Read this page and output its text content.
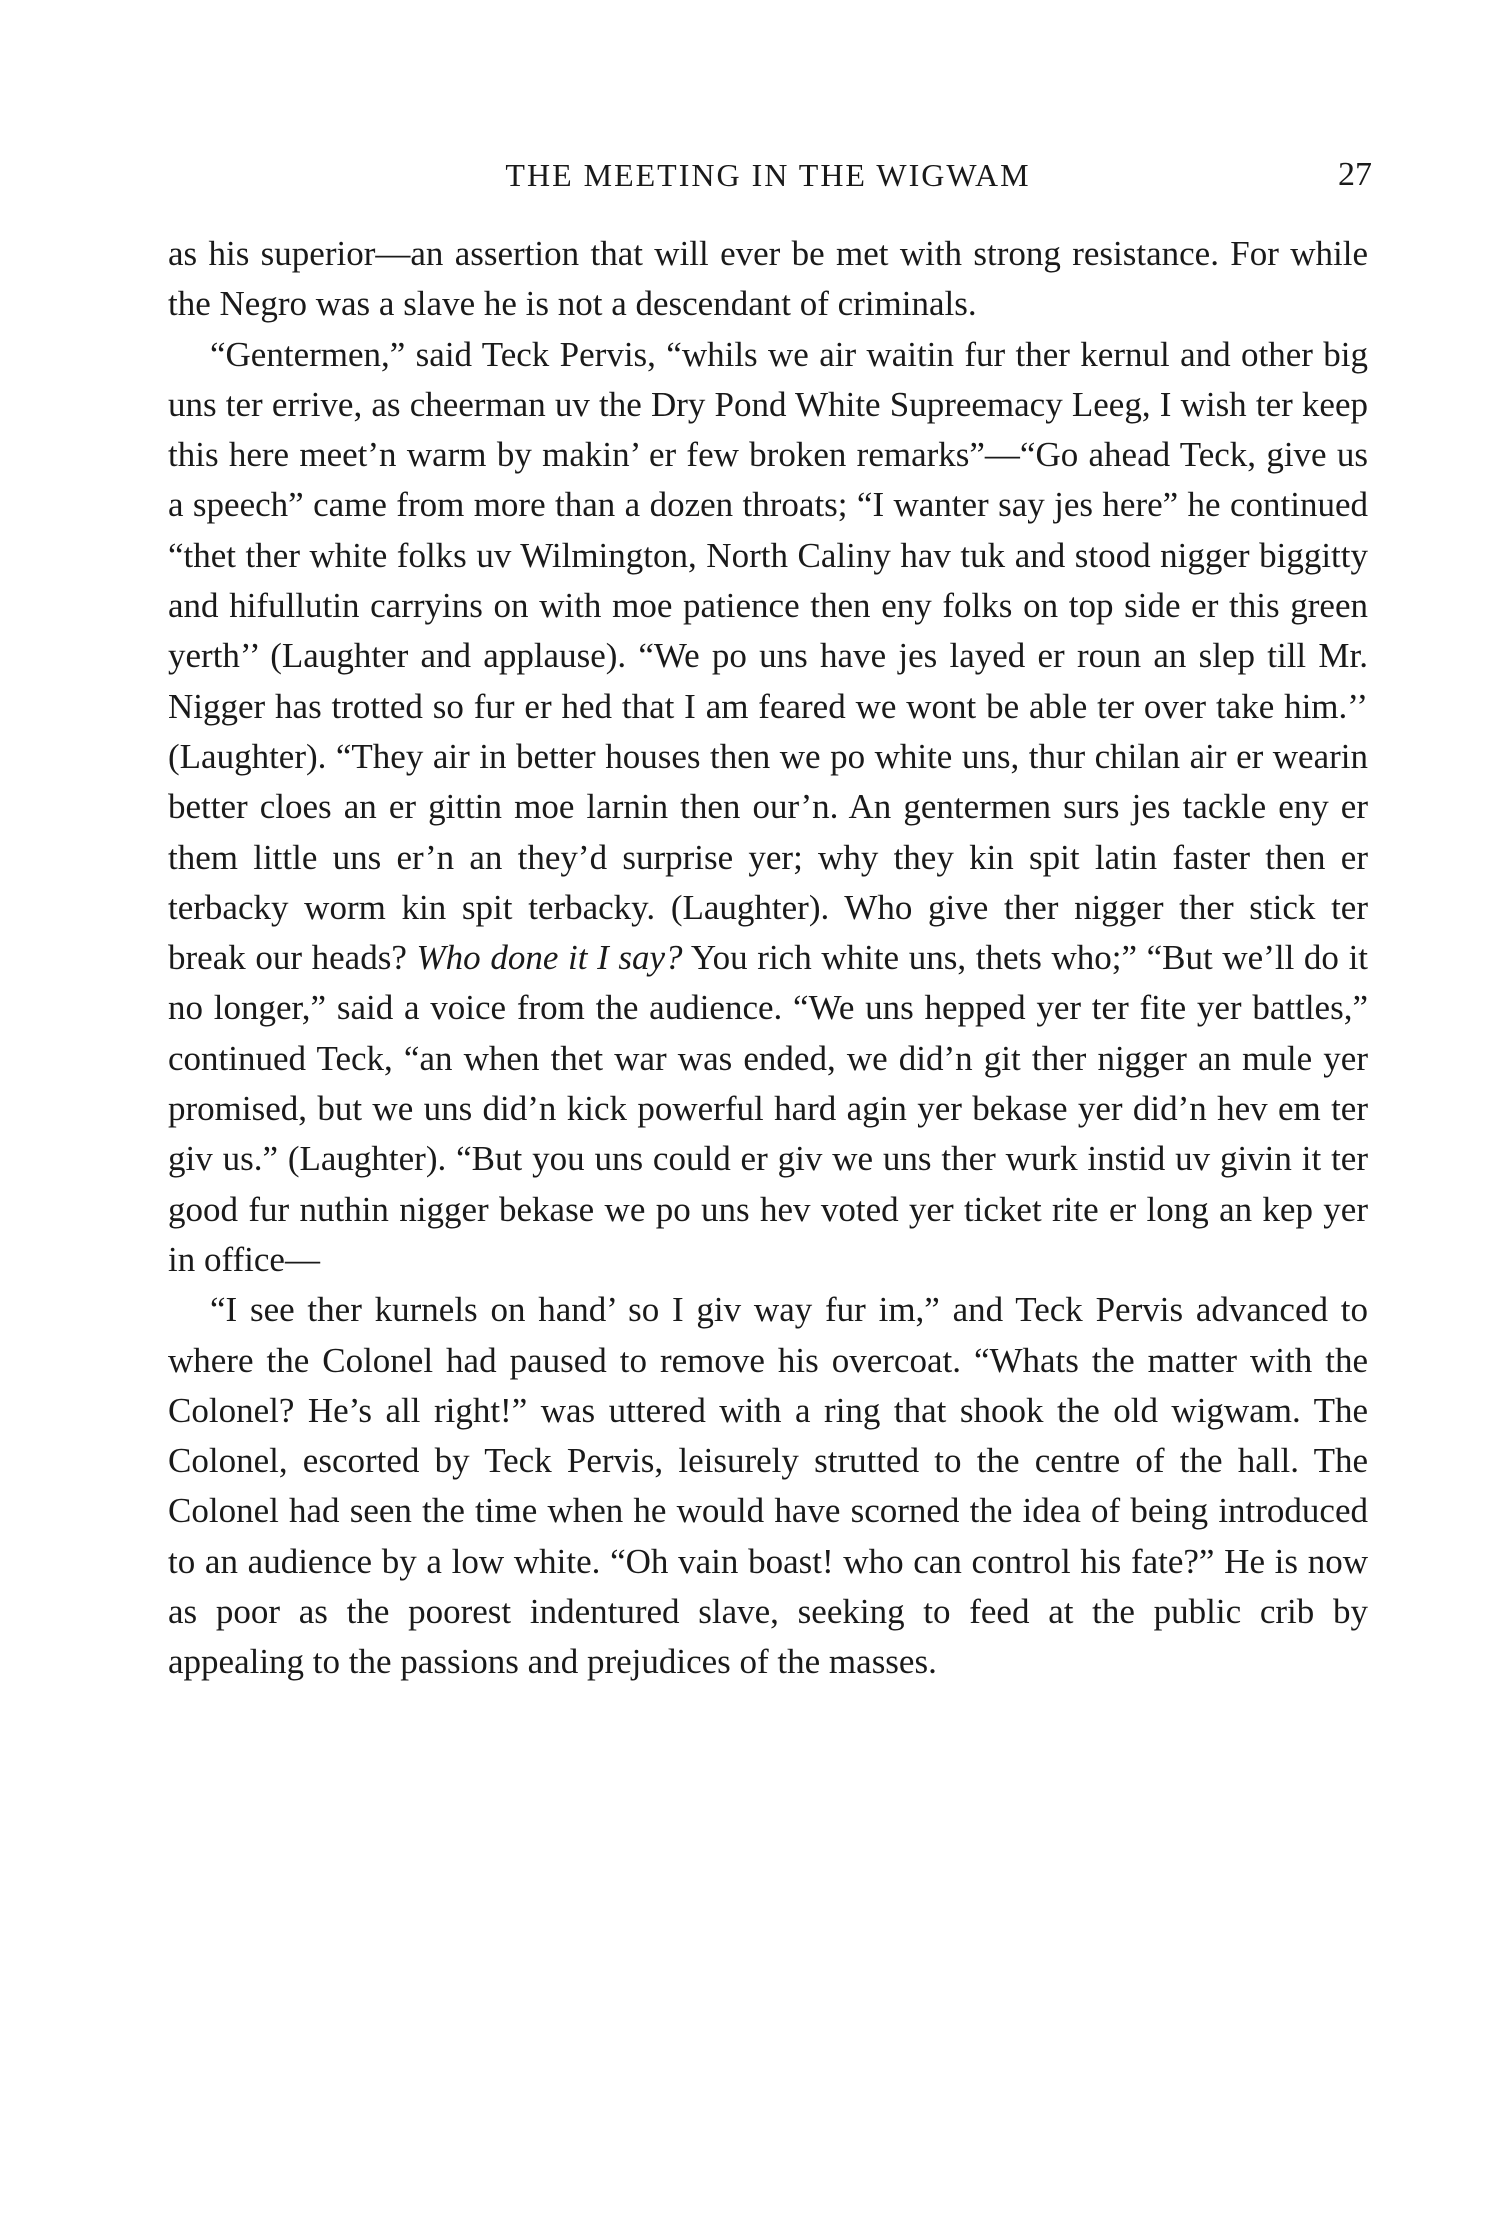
THE MEETING IN THE WIGWAM	27

as his superior—an assertion that will ever be met with strong resistance. For while the Negro was a slave he is not a descendant of criminals.

“Gentermen,” said Teck Pervis, “whils we air waitin fur ther kernul and other big uns ter errive, as cheerman uv the Dry Pond White Supreemacy Leeg, I wish ter keep this here meet’n warm by makin’ er few broken remarks”—“Go ahead Teck, give us a speech” came from more than a dozen throats; “I wanter say jes here” he continued “thet ther white folks uv Wilmington, North Caliny hav tuk and stood nigger biggitty and hifullutin carryins on with moe patience then eny folks on top side er this green yerth’’ (Laughter and applause). “We po uns have jes layed er roun an slep till Mr. Nigger has trotted so fur er hed that I am feared we wont be able ter over take him.’’ (Laughter). “They air in better houses then we po white uns, thur chilan air er wearin better cloes an er gittin moe larnin then our’n. An gentermen surs jes tackle eny er them little uns er’n an they’d surprise yer; why they kin spit latin faster then er terbacky worm kin spit terbacky. (Laughter). Who give ther nigger ther stick ter break our heads? Who done it I say? You rich white uns, thets who;” “But we’ll do it no longer,” said a voice from the audience. “We uns hepped yer ter fite yer battles,” continued Teck, “an when thet war was ended, we did’n git ther nigger an mule yer promised, but we uns did’n kick powerful hard agin yer bekase yer did’n hev em ter giv us.” (Laughter). “But you uns could er giv we uns ther wurk instid uv givin it ter good fur nuthin nigger bekase we po uns hev voted yer ticket rite er long an kep yer in office—

“I see ther kurnels on hand’ so I giv way fur im,” and Teck Pervis advanced to where the Colonel had paused to remove his overcoat. “Whats the matter with the Colonel? He’s all right!” was uttered with a ring that shook the old wigwam. The Colonel, escorted by Teck Pervis, leisurely strutted to the centre of the hall. The Colonel had seen the time when he would have scorned the idea of being introduced to an audience by a low white. “Oh vain boast! who can control his fate?” He is now as poor as the poorest indentured slave, seeking to feed at the public crib by appealing to the passions and prejudices of the masses.
